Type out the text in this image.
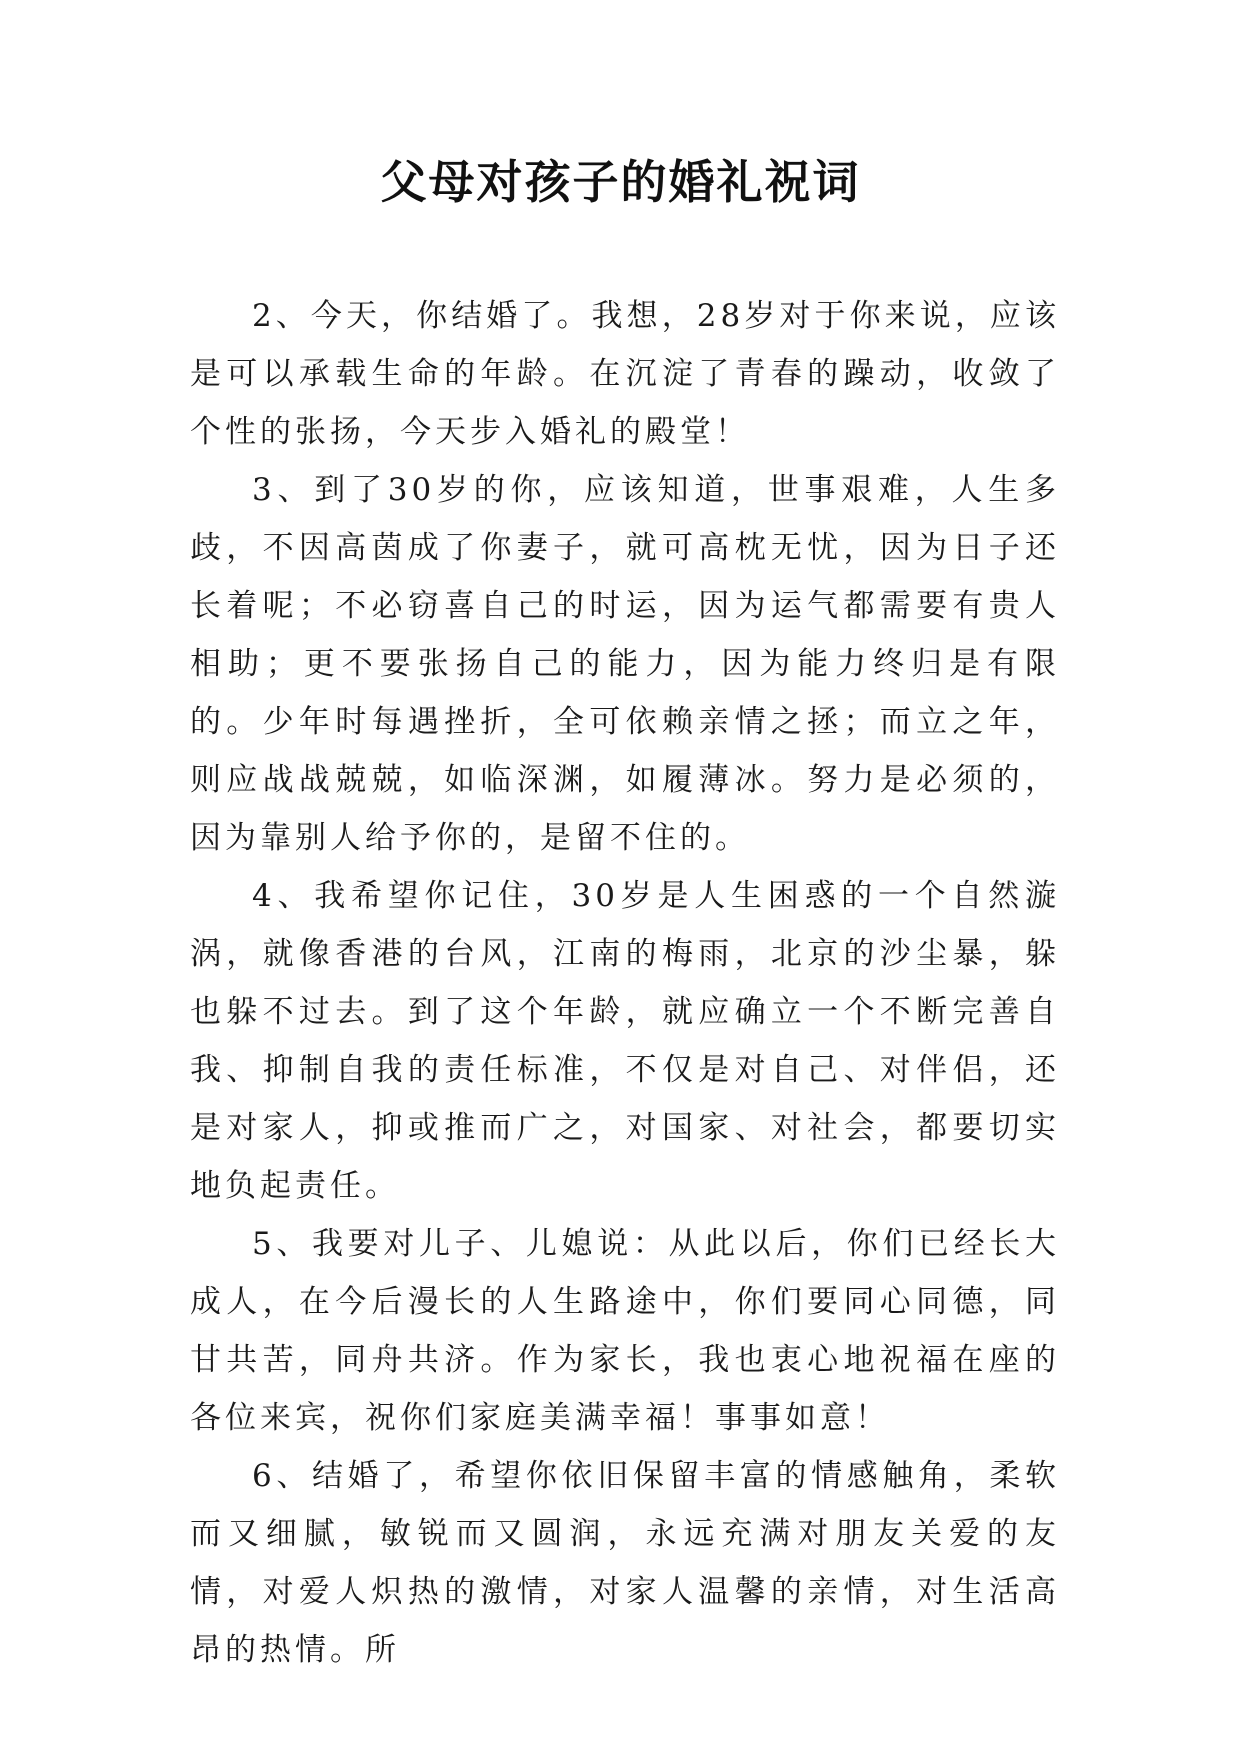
父母对孩子的婚礼祝词

2、今天，你结婚了。我想，28岁对于你来说，应该是可以承载生命的年龄。在沉淀了青春的躁动，收敛了个性的张扬，今天步入婚礼的殿堂！

3、到了30岁的你，应该知道，世事艰难，人生多歧，不因高茵成了你妻子，就可高枕无忧，因为日子还长着呢；不必窃喜自己的时运，因为运气都需要有贵人相助；更不要张扬自己的能力，因为能力终归是有限的。少年时每遇挫折，全可依赖亲情之拯；而立之年，则应战战兢兢，如临深渊，如履薄冰。努力是必须的，因为靠别人给予你的，是留不住的。

4、我希望你记住，30岁是人生困惑的一个自然漩涡，就像香港的台风，江南的梅雨，北京的沙尘暴，躲也躲不过去。到了这个年龄，就应确立一个不断完善自我、抑制自我的责任标准，不仅是对自己、对伴侣，还是对家人，抑或推而广之，对国家、对社会，都要切实地负起责任。

5、我要对儿子、儿媳说：从此以后，你们已经长大成人，在今后漫长的人生路途中，你们要同心同德，同甘共苦，同舟共济。作为家长，我也衷心地祝福在座的各位来宾，祝你们家庭美满幸福！事事如意！

6、结婚了，希望你依旧保留丰富的情感触角，柔软而又细腻，敏锐而又圆润，永远充满对朋友关爱的友情，对爱人炽热的激情，对家人温馨的亲情，对生活高昂的热情。所
